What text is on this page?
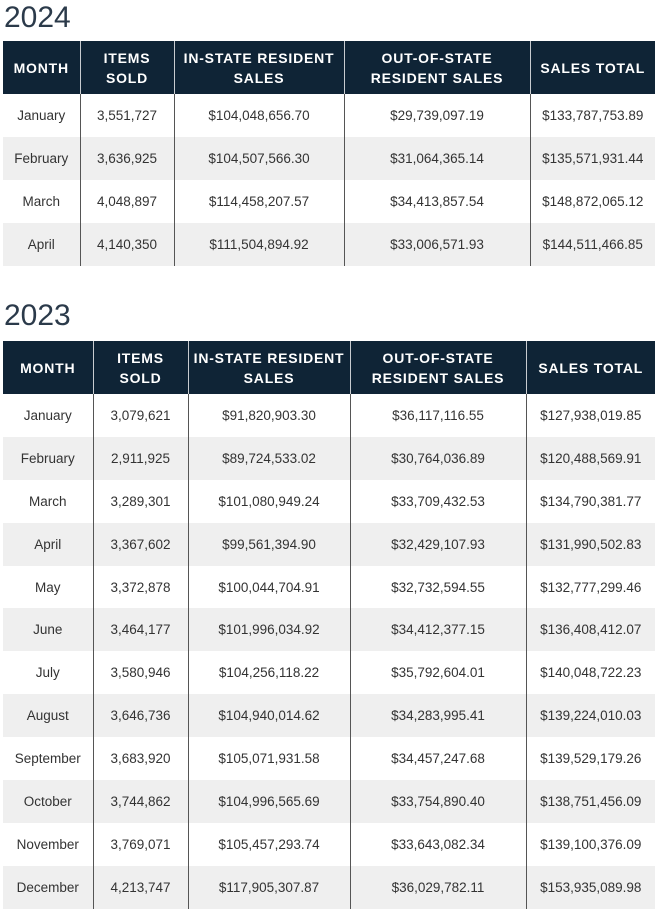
2024
MONTH	ITEMS SOLD	IN-STATE RESIDENT SALES	OUT-OF-STATE RESIDENT SALES	SALES TOTAL
January	3,551,727	$104,048,656.70	$29,739,097.19	$133,787,753.89
February	3,636,925	$104,507,566.30	$31,064,365.14	$135,571,931.44
March	4,048,897	$114,458,207.57	$34,413,857.54	$148,872,065.12
April	4,140,350	$111,504,894.92	$33,006,571.93	$144,511,466.85
2023
MONTH	ITEMS SOLD	IN-STATE RESIDENT SALES	OUT-OF-STATE RESIDENT SALES	SALES TOTAL
January	3,079,621	$91,820,903.30	$36,117,116.55	$127,938,019.85
February	2,911,925	$89,724,533.02	$30,764,036.89	$120,488,569.91
March	3,289,301	$101,080,949.24	$33,709,432.53	$134,790,381.77
April	3,367,602	$99,561,394.90	$32,429,107.93	$131,990,502.83
May	3,372,878	$100,044,704.91	$32,732,594.55	$132,777,299.46
June	3,464,177	$101,996,034.92	$34,412,377.15	$136,408,412.07
July	3,580,946	$104,256,118.22	$35,792,604.01	$140,048,722.23
August	3,646,736	$104,940,014.62	$34,283,995.41	$139,224,010.03
September	3,683,920	$105,071,931.58	$34,457,247.68	$139,529,179.26
October	3,744,862	$104,996,565.69	$33,754,890.40	$138,751,456.09
November	3,769,071	$105,457,293.74	$33,643,082.34	$139,100,376.09
December	4,213,747	$117,905,307.87	$36,029,782.11	$153,935,089.98
